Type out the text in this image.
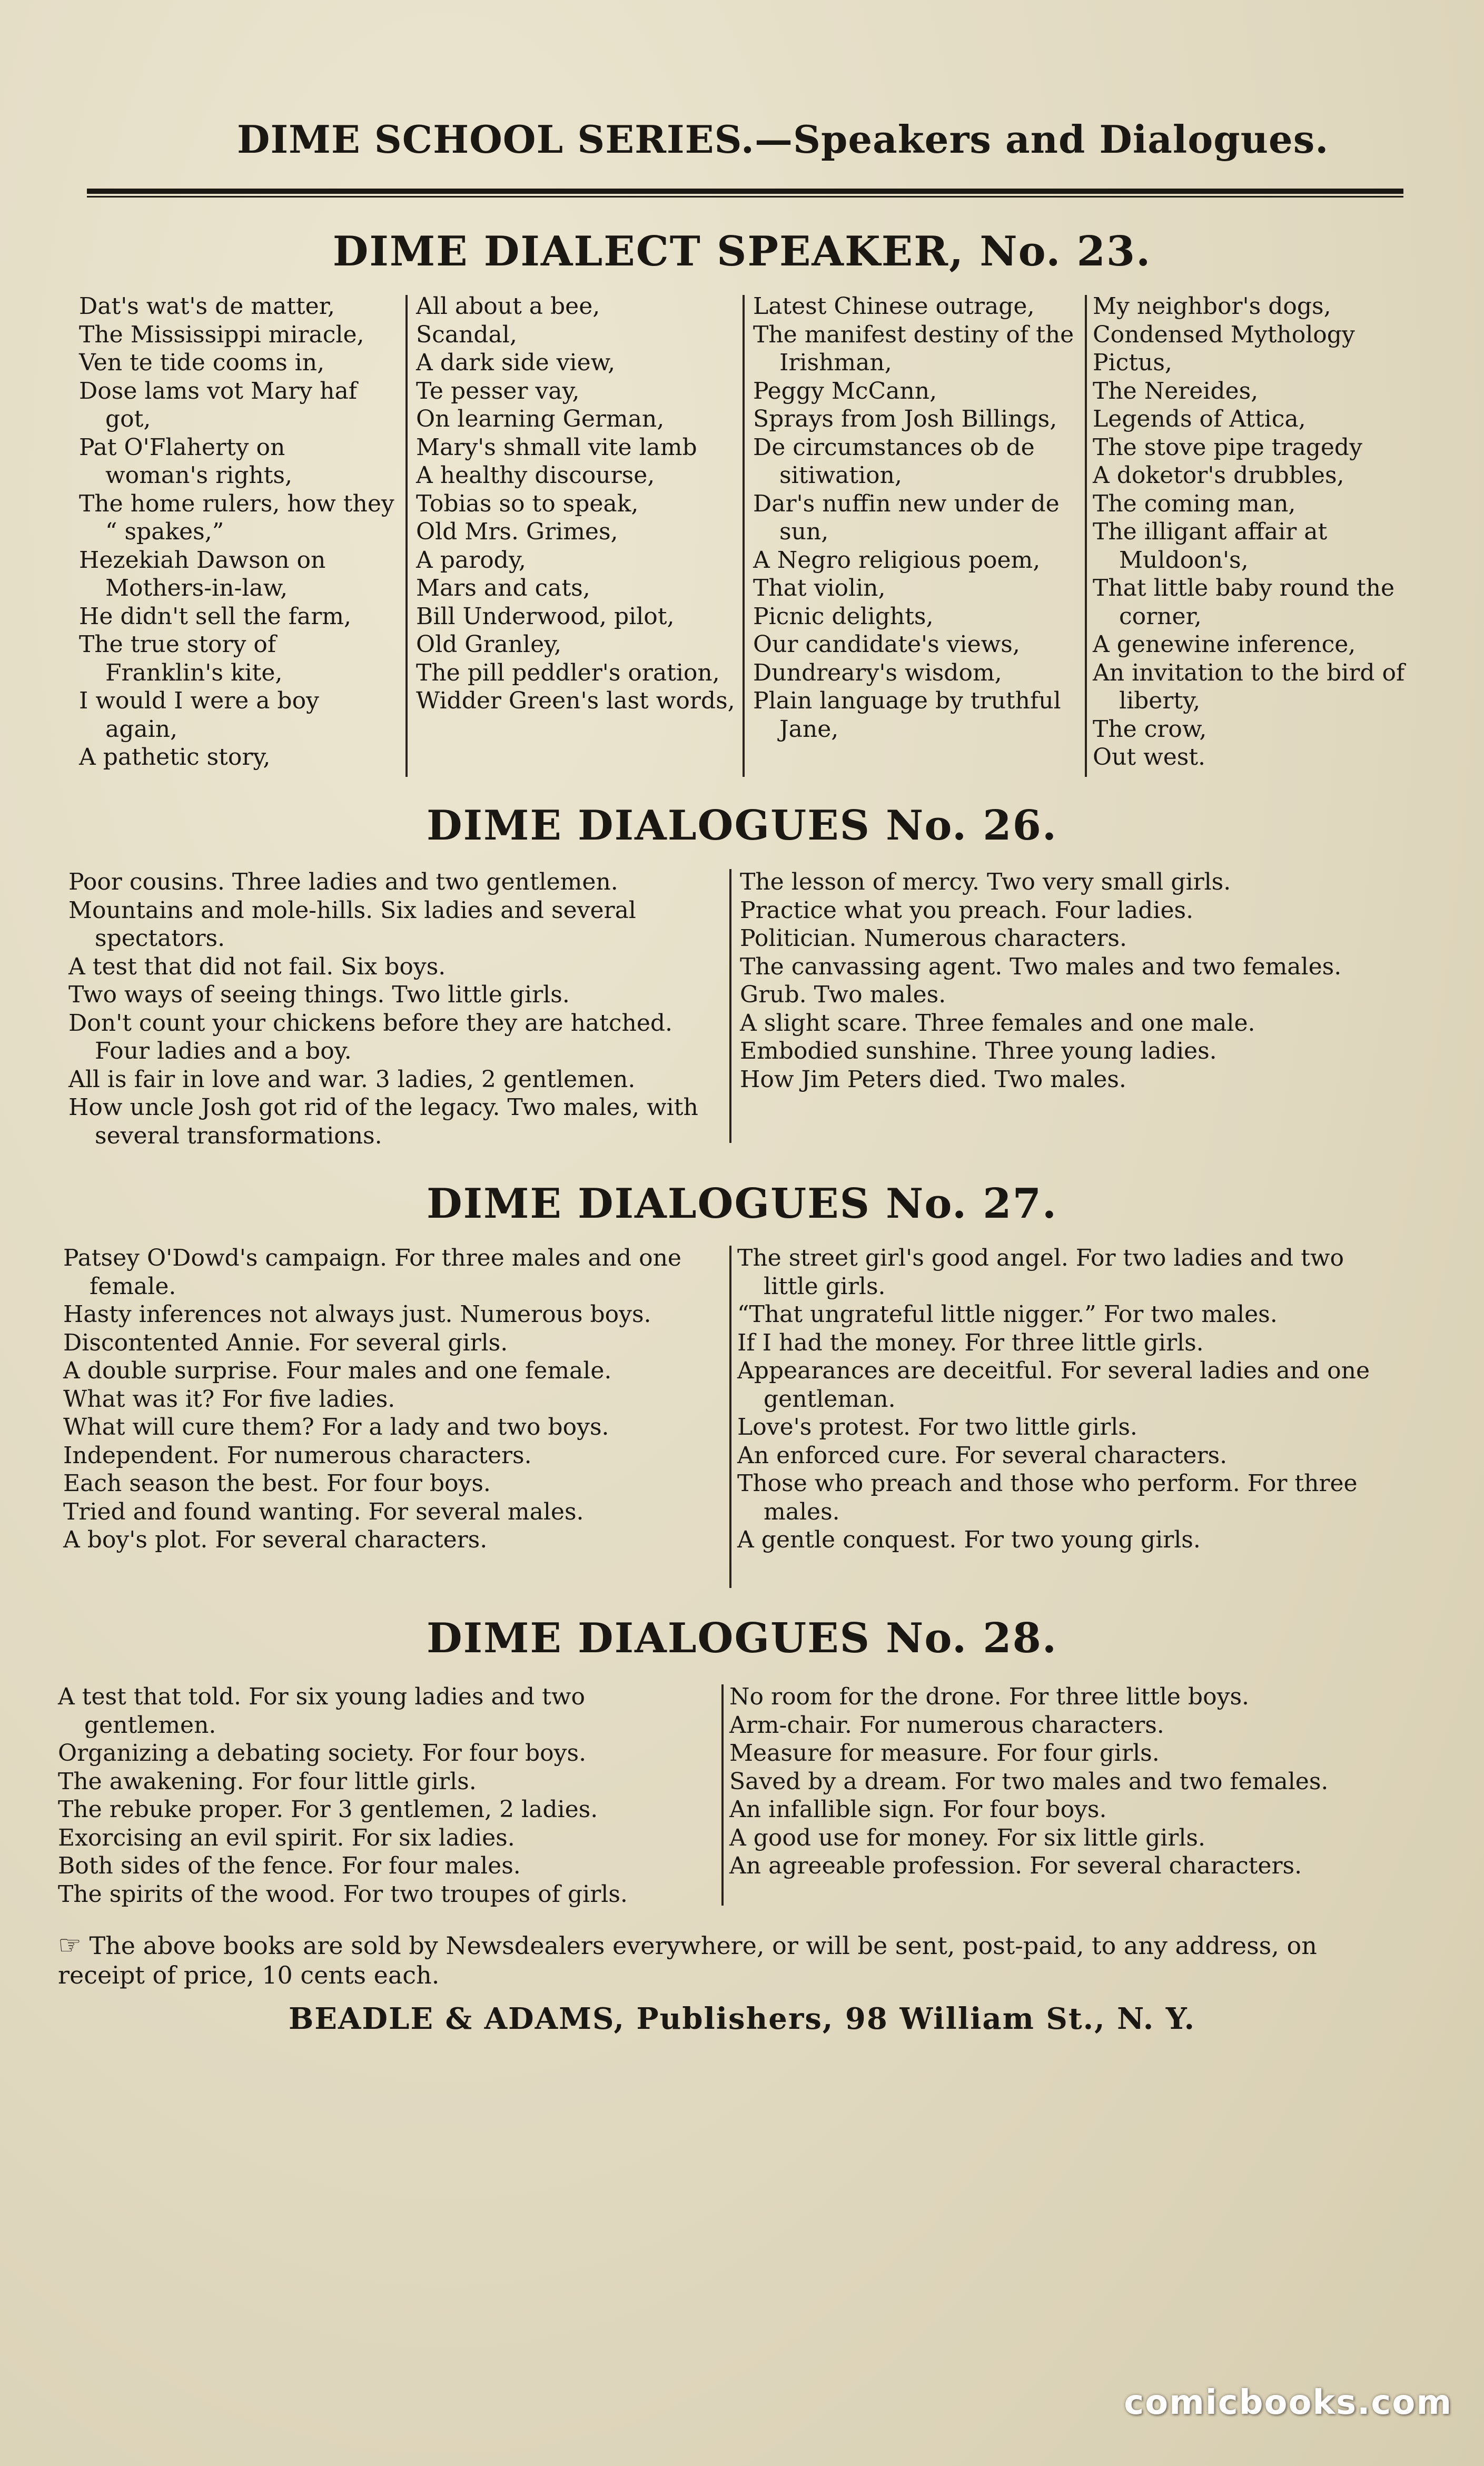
DIME SCHOOL SERIES.—Speakers and Dialogues.
DIME DIALECT SPEAKER, No. 23.
Dat's wat's de matter,
The Mississippi miracle,
Ven te tide cooms in,
Dose lams vot Mary haf got,
Pat O'Flaherty on woman's rights,
The home rulers, how they “ spakes,”
Hezekiah Dawson on Mothers-in-law,
He didn't sell the farm,
The true story of Franklin's kite,
I would I were a boy again,
A pathetic story,
All about a bee,
Scandal,
A dark side view,
Te pesser vay,
On learning German,
Mary's shmall vite lamb
A healthy discourse,
Tobias so to speak,
Old Mrs. Grimes,
A parody,
Mars and cats,
Bill Underwood, pilot,
Old Granley,
The pill peddler's oration,
Widder Green's last words,
Latest Chinese outrage,
The manifest destiny of the Irishman,
Peggy McCann,
Sprays from Josh Billings,
De circumstances ob de sitiwation,
Dar's nuffin new under de sun,
A Negro religious poem,
That violin,
Picnic delights,
Our candidate's views,
Dundreary's wisdom,
Plain language by truthful Jane,
My neighbor's dogs,
Condensed Mythology
Pictus,
The Nereides,
Legends of Attica,
The stove pipe tragedy
A doketor's drubbles,
The coming man,
The illigant affair at Muldoon's,
That little baby round the corner,
A genewine inference,
An invitation to the bird of liberty,
The crow,
Out west.
DIME DIALOGUES No. 26.
Poor cousins. Three ladies and two gentlemen.
Mountains and mole-hills. Six ladies and several spectators.
A test that did not fail. Six boys.
Two ways of seeing things. Two little girls.
Don't count your chickens before they are hatched. Four ladies and a boy.
All is fair in love and war. 3 ladies, 2 gentlemen.
How uncle Josh got rid of the legacy. Two males, with several transformations.
The lesson of mercy. Two very small girls.
Practice what you preach. Four ladies.
Politician. Numerous characters.
The canvassing agent. Two males and two females.
Grub. Two males.
A slight scare. Three females and one male.
Embodied sunshine. Three young ladies.
How Jim Peters died. Two males.
DIME DIALOGUES No. 27.
Patsey O'Dowd's campaign. For three males and one female.
Hasty inferences not always just. Numerous boys.
Discontented Annie. For several girls.
A double surprise. Four males and one female.
What was it? For five ladies.
What will cure them? For a lady and two boys.
Independent. For numerous characters.
Each season the best. For four boys.
Tried and found wanting. For several males.
A boy's plot. For several characters.
The street girl's good angel. For two ladies and two little girls.
“That ungrateful little nigger.” For two males.
If I had the money. For three little girls.
Appearances are deceitful. For several ladies and one gentleman.
Love's protest. For two little girls.
An enforced cure. For several characters.
Those who preach and those who perform. For three males.
A gentle conquest. For two young girls.
DIME DIALOGUES No. 28.
A test that told. For six young ladies and two gentlemen.
Organizing a debating society. For four boys.
The awakening. For four little girls.
The rebuke proper. For 3 gentlemen, 2 ladies.
Exorcising an evil spirit. For six ladies.
Both sides of the fence. For four males.
The spirits of the wood. For two troupes of girls.
No room for the drone. For three little boys.
Arm-chair. For numerous characters.
Measure for measure. For four girls.
Saved by a dream. For two males and two females.
An infallible sign. For four boys.
A good use for money. For six little girls.
An agreeable profession. For several characters.
☞ The above books are sold by Newsdealers everywhere, or will be sent, post-paid, to any address, on receipt of price, 10 cents each.
BEADLE & ADAMS, Publishers, 98 William St., N. Y.
comicbooks.com
